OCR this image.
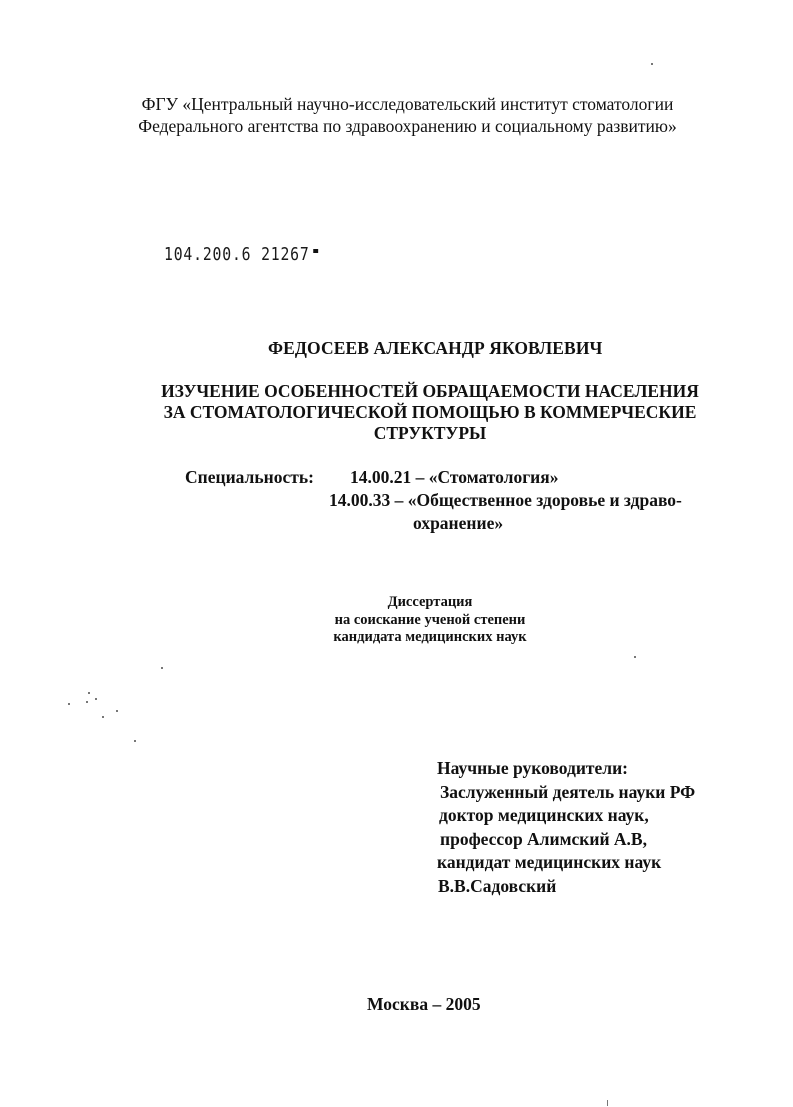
ФГУ «Центральный научно-исследовательский институт стоматологии
Федерального агентства по здравоохранению и социальному развитию»
104.200.6 21267
ФЕДОСЕЕВ АЛЕКСАНДР ЯКОВЛЕВИЧ
ИЗУЧЕНИЕ ОСОБЕННОСТЕЙ ОБРАЩАЕМОСТИ НАСЕЛЕНИЯ
ЗА СТОМАТОЛОГИЧЕСКОЙ ПОМОЩЬЮ В КОММЕРЧЕСКИЕ
СТРУКТУРЫ
Специальность: 14.00.21 – «Стоматология»
14.00.33 – «Общественное здоровье и здраво-
охранение»
Диссертация
на соискание ученой степени
кандидата медицинских наук
Научные руководители:
Заслуженный деятель науки РФ
доктор медицинских наук,
профессор Алимский А.В,
кандидат медицинских наук
В.В.Садовский
Москва – 2005
